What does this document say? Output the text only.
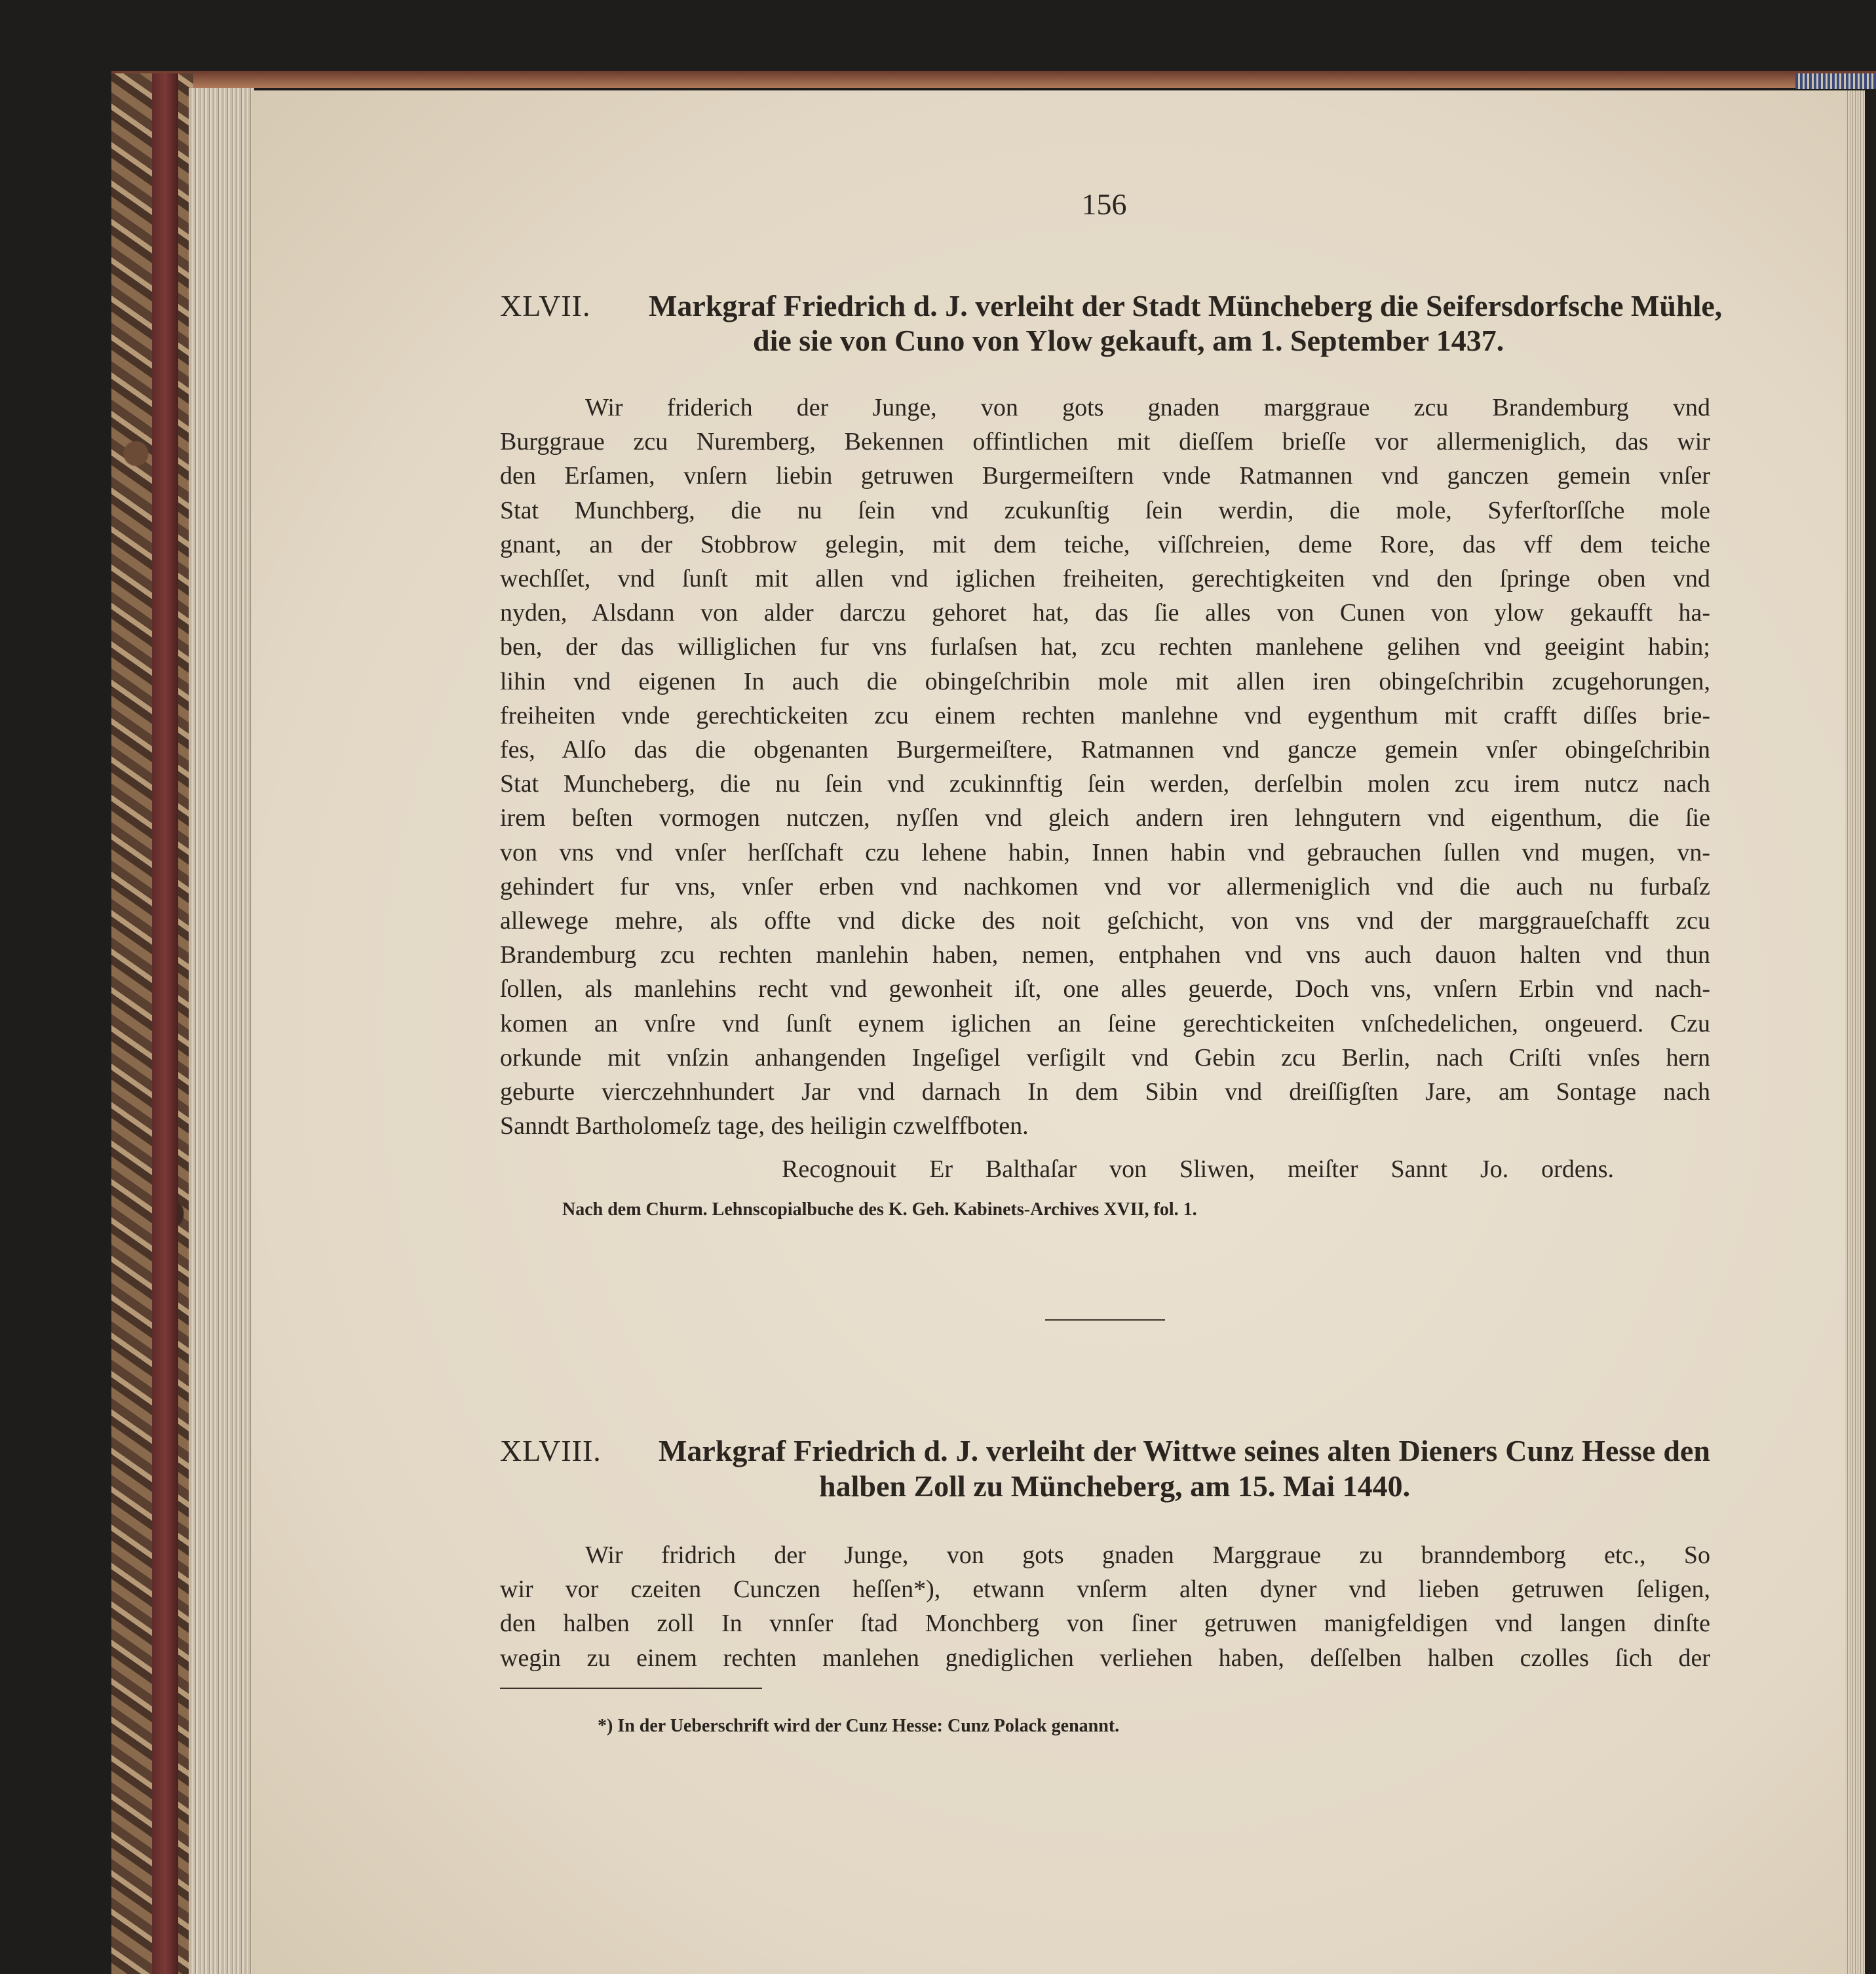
156
XLVII. Markgraf Friedrich d. J. verleiht der Stadt Müncheberg die Seifersdorfsche Mühle,
die sie von Cuno von Ylow gekauft, am 1. September 1437.
Wir friderich der Junge, von gots gnaden marggraue zcu Brandemburg vnd
Burggraue zcu Nuremberg, Bekennen offintlichen mit dieſſem brieſſe vor allermeniglich, das wir
den Erſamen, vnſern liebin getruwen Burgermeiſtern vnde Ratmannen vnd ganczen gemein vnſer
Stat Munchberg, die nu ſein vnd zcukunſtig ſein werdin, die mole, Syferſtorſſche mole
gnant, an der Stobbrow gelegin, mit dem teiche, viſſchreien, deme Rore, das vff dem teiche
wechſſet, vnd ſunſt mit allen vnd iglichen freiheiten, gerechtigkeiten vnd den ſpringe oben vnd
nyden, Alsdann von alder darczu gehoret hat, das ſie alles von Cunen von ylow gekaufft ha-
ben, der das williglichen fur vns furlaſsen hat, zcu rechten manlehene gelihen vnd geeigint habin;
lihin vnd eigenen In auch die obingeſchribin mole mit allen iren obingeſchribin zcugehorungen,
freiheiten vnde gerechtickeiten zcu einem rechten manlehne vnd eygenthum mit crafft diſſes brie-
fes, Alſo das die obgenanten Burgermeiſtere, Ratmannen vnd gancze gemein vnſer obingeſchribin
Stat Muncheberg, die nu ſein vnd zcukinnftig ſein werden, derſelbin molen zcu irem nutcz nach
irem beſten vormogen nutczen, nyſſen vnd gleich andern iren lehngutern vnd eigenthum, die ſie
von vns vnd vnſer herſſchaft czu lehene habin, Innen habin vnd gebrauchen ſullen vnd mugen, vn-
gehindert fur vns, vnſer erben vnd nachkomen vnd vor allermeniglich vnd die auch nu furbaſz
allewege mehre, als offte vnd dicke des noit geſchicht, von vns vnd der marggraueſchafft zcu
Brandemburg zcu rechten manlehin haben, nemen, entphahen vnd vns auch dauon halten vnd thun
ſollen, als manlehins recht vnd gewonheit iſt, one alles geuerde, Doch vns, vnſern Erbin vnd nach-
komen an vnſre vnd ſunſt eynem iglichen an ſeine gerechtickeiten vnſchedelichen, ongeuerd. Czu
orkunde mit vnſzin anhangenden Ingeſigel verſigilt vnd Gebin zcu Berlin, nach Criſti vnſes hern
geburte vierczehnhundert Jar vnd darnach In dem Sibin vnd dreiſſigſten Jare, am Sontage nach
Sanndt Bartholomeſz tage, des heiligin czwelffboten.
Recognouit Er Balthaſar von Sliwen, meiſter Sannt Jo. ordens.
Nach dem Churm. Lehnscopialbuche des K. Geh. Kabinets-Archives XVII, fol. 1.
XLVIII. Markgraf Friedrich d. J. verleiht der Wittwe seines alten Dieners Cunz Hesse den
halben Zoll zu Müncheberg, am 15. Mai 1440.
Wir fridrich der Junge, von gots gnaden Marggraue zu branndemborg etc., So
wir vor czeiten Cunczen heſſen*), etwann vnſerm alten dyner vnd lieben getruwen ſeligen,
den halben zoll In vnnſer ſtad Monchberg von ſiner getruwen manigfeldigen vnd langen dinſte
wegin zu einem rechten manlehen gnediglichen verliehen haben, deſſelben halben czolles ſich der
*) In der Ueberschrift wird der Cunz Hesse: Cunz Polack genannt.
